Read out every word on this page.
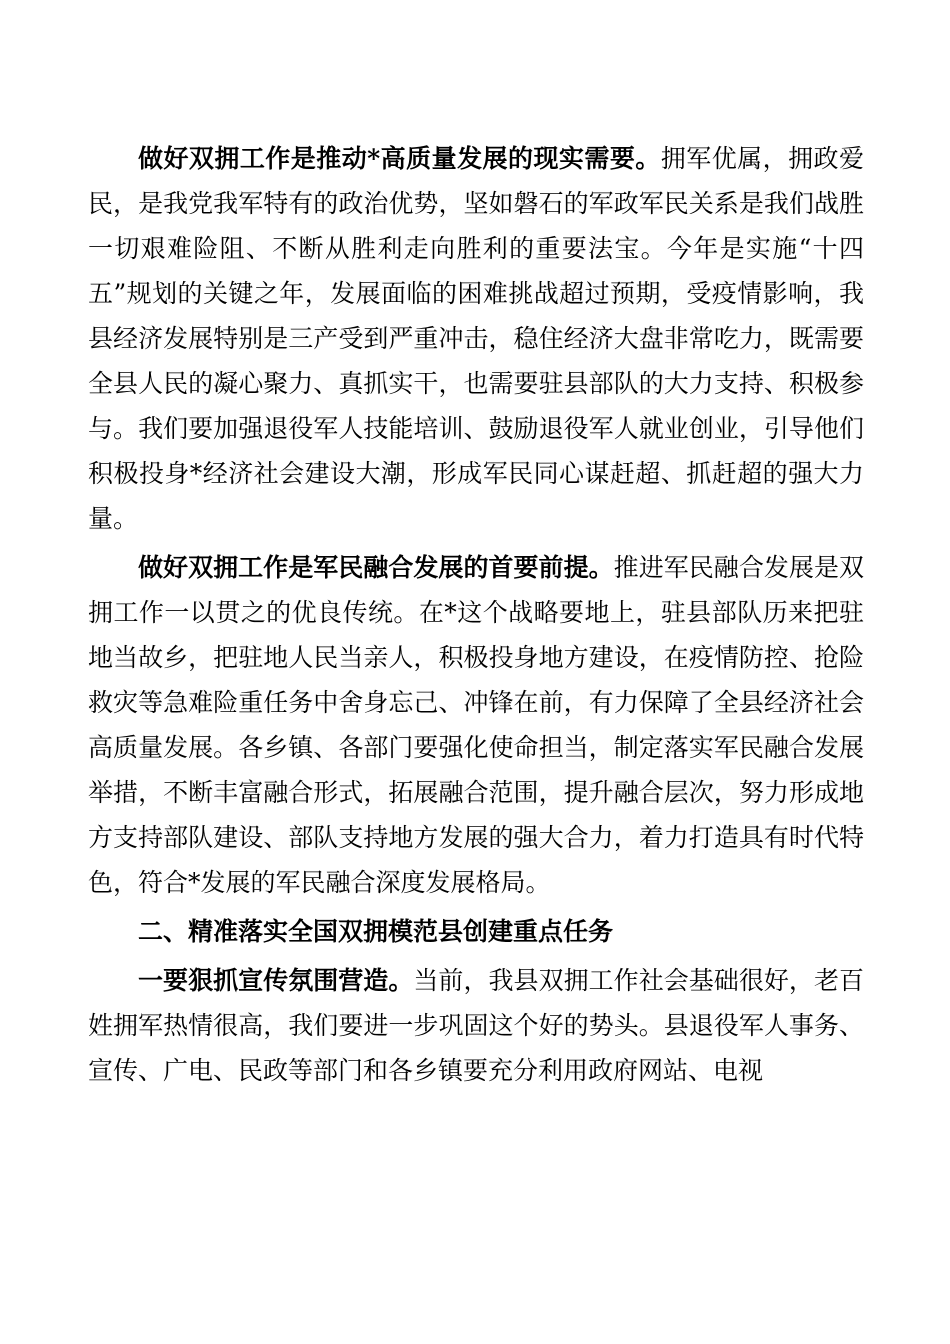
做好双拥工作是推动*高质量发展的现实需要。拥军优属，拥政爱民，是我党我军特有的政治优势，坚如磐石的军政军民关系是我们战胜一切艰难险阻、不断从胜利走向胜利的重要法宝。今年是实施“十四五”规划的关键之年，发展面临的困难挑战超过预期，受疫情影响，我县经济发展特别是三产受到严重冲击，稳住经济大盘非常吃力，既需要全县人民的凝心聚力、真抓实干，也需要驻县部队的大力支持、积极参与。我们要加强退役军人技能培训、鼓励退役军人就业创业，引导他们积极投身*经济社会建设大潮，形成军民同心谋赶超、抓赶超的强大力量。

做好双拥工作是军民融合发展的首要前提。推进军民融合发展是双拥工作一以贯之的优良传统。在*这个战略要地上，驻县部队历来把驻地当故乡，把驻地人民当亲人，积极投身地方建设，在疫情防控、抢险救灾等急难险重任务中舍身忘己、冲锋在前，有力保障了全县经济社会高质量发展。各乡镇、各部门要强化使命担当，制定落实军民融合发展举措，不断丰富融合形式，拓展融合范围，提升融合层次，努力形成地方支持部队建设、部队支持地方发展的强大合力，着力打造具有时代特色，符合*发展的军民融合深度发展格局。

二、精准落实全国双拥模范县创建重点任务

一要狠抓宣传氛围营造。当前，我县双拥工作社会基础很好，老百姓拥军热情很高，我们要进一步巩固这个好的势头。县退役军人事务、宣传、广电、民政等部门和各乡镇要充分利用政府网站、电视
